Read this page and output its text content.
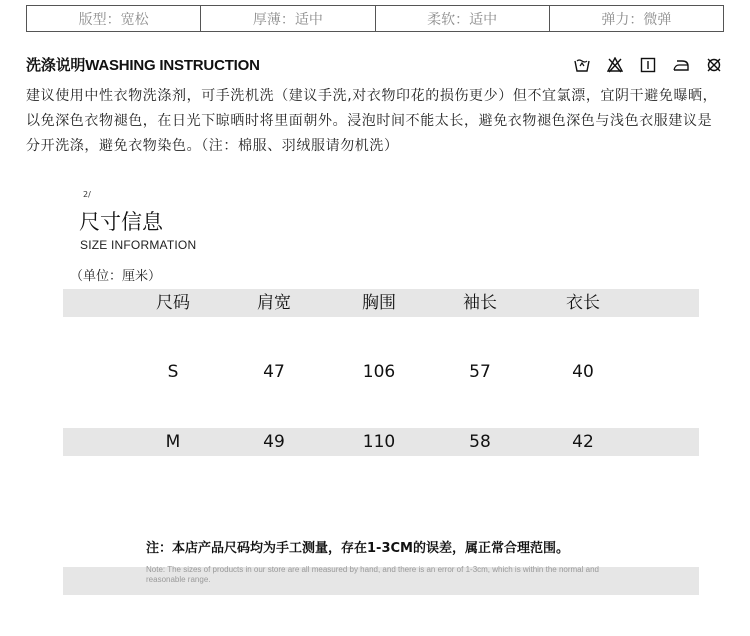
版型：宽松	厚薄：适中	柔软：适中	弹力：微弹
洗涤说明WASHING INSTRUCTION
建议使用中性衣物洗涤剂，可手洗机洗（建议手洗,对衣物印花的损伤更少）但不宜氯漂，宜阴干避免曝晒，以免深色衣物褪色，在日光下晾晒时将里面朝外。浸泡时间不能太长，避免衣物褪色深色与浅色衣服建议是分开洗涤，避免衣物染色。（注：棉服、羽绒服请勿机洗）
2/
尺寸信息
SIZE INFORMATION
（单位：厘米）
尺码	肩宽	胸围	袖长	衣长
S	47	106	57	40
M	49	110	58	42
注：本店产品尺码均为手工测量，存在1-3CM的误差，属正常合理范围。
Note: The sizes of products in our store are all measured by hand, and there is an error of 1-3cm, which is within the normal and reasonable range.
